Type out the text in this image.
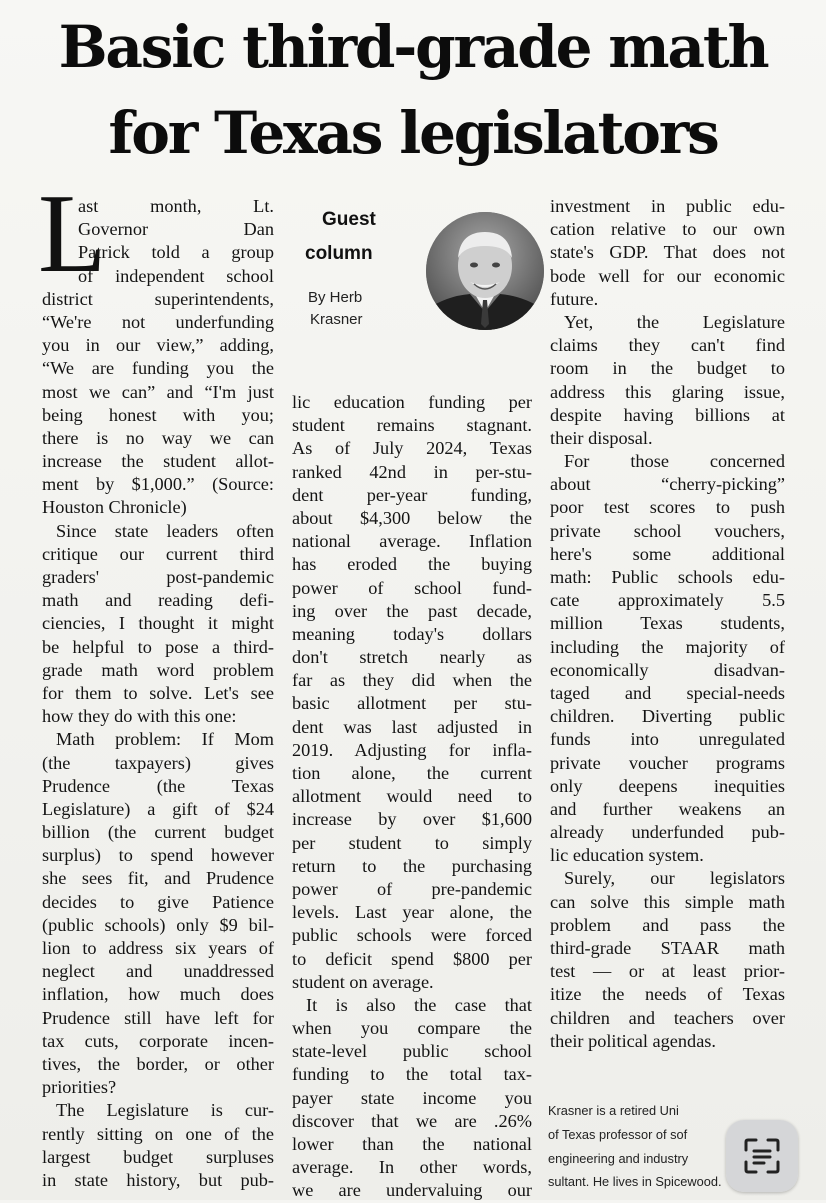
Basic third-grade math
for Texas legislators
L	Guest
column
By Herb
Krasner
ast month, Lt.
Governor Dan
Patrick told a group
of independent school
district superintendents,
“We're not underfunding
you in our view,” adding,
“We are funding you the
most we can” and “I'm just
being honest with you;
there is no way we can
increase the student allot-
ment by $1,000.” (Source:
Houston Chronicle)
Since state leaders often
critique our current third
graders' post-pandemic
math and reading defi-
ciencies, I thought it might
be helpful to pose a third-
grade math word problem
for them to solve. Let's see
how they do with this one:
Math problem: If Mom
(the taxpayers) gives
Prudence (the Texas
Legislature) a gift of $24
billion (the current budget
surplus) to spend however
she sees fit, and Prudence
decides to give Patience
(public schools) only $9 bil-
lion to address six years of
neglect and unaddressed
inflation, how much does
Prudence still have left for
tax cuts, corporate incen-
tives, the border, or other
priorities?
The Legislature is cur-
rently sitting on one of the
largest budget surpluses
in state history, but pub-
lic education funding per
student remains stagnant.
As of July 2024, Texas
ranked 42nd in per-stu-
dent per-year funding,
about $4,300 below the
national average. Inflation
has eroded the buying
power of school fund-
ing over the past decade,
meaning today's dollars
don't stretch nearly as
far as they did when the
basic allotment per stu-
dent was last adjusted in
2019. Adjusting for infla-
tion alone, the current
allotment would need to
increase by over $1,600
per student to simply
return to the purchasing
power of pre-pandemic
levels. Last year alone, the
public schools were forced
to deficit spend $800 per
student on average.
It is also the case that
when you compare the
state-level public school
funding to the total tax-
payer state income you
discover that we are .26%
lower than the national
average. In other words,
we are undervaluing our
investment in public edu-
cation relative to our own
state's GDP. That does not
bode well for our economic
future.
Yet, the Legislature
claims they can't find
room in the budget to
address this glaring issue,
despite having billions at
their disposal.
For those concerned
about “cherry-picking”
poor test scores to push
private school vouchers,
here's some additional
math: Public schools edu-
cate approximately 5.5
million Texas students,
including the majority of
economically disadvan-
taged and special-needs
children. Diverting public
funds into unregulated
private voucher programs
only deepens inequities
and further weakens an
already underfunded pub-
lic education system.
Surely, our legislators
can solve this simple math
problem and pass the
third-grade STAAR math
test — or at least prior-
itize the needs of Texas
children and teachers over
their political agendas.
Krasner is a retired Uni
of Texas professor of sof
engineering and industry
sultant. He lives in Spicewood.
